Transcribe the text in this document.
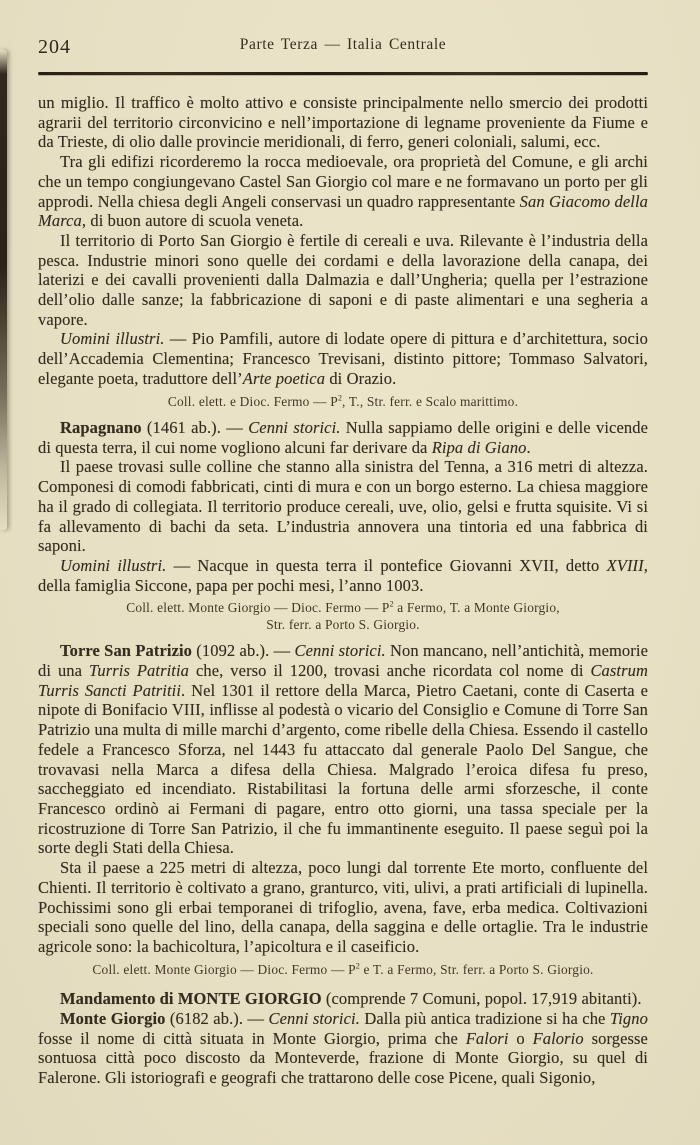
204	Parte Terza — Italia Centrale

un miglio. Il traffico è molto attivo e consiste principalmente nello smercio dei prodotti agrarii del territorio circonvicino e nell’importazione di legname proveniente da Fiume e da Trieste, di olio dalle provincie meridionali, di ferro, generi coloniali, salumi, ecc.

Tra gli edifizi ricorderemo la rocca medioevale, ora proprietà del Comune, e gli archi che un tempo congiungevano Castel San Giorgio col mare e ne formavano un porto per gli approdi. Nella chiesa degli Angeli conservasi un quadro rappresentante San Giacomo della Marca, di buon autore di scuola veneta.

Il territorio di Porto San Giorgio è fertile di cereali e uva. Rilevante è l’industria della pesca. Industrie minori sono quelle dei cordami e della lavorazione della canapa, dei laterizi e dei cavalli provenienti dalla Dalmazia e dall’Ungheria; quella per l’estrazione dell’olio dalle sanze; la fabbricazione di saponi e di paste alimentari e una segheria a vapore.

Uomini illustri. — Pio Pamfili, autore di lodate opere di pittura e d’architettura, socio dell’Accademia Clementina; Francesco Trevisani, distinto pittore; Tommaso Salvatori, elegante poeta, traduttore dell’Arte poetica di Orazio.

Coll. elett. e Dioc. Fermo — $P^2$, T., Str. ferr. e Scalo marittimo.

Rapagnano (1461 ab.). — Cenni storici. Nulla sappiamo delle origini e delle vicende di questa terra, il cui nome vogliono alcuni far derivare da Ripa di Giano.

Il paese trovasi sulle colline che stanno alla sinistra del Tenna, a 316 metri di altezza. Componesi di comodi fabbricati, cinti di mura e con un borgo esterno. La chiesa maggiore ha il grado di collegiata. Il territorio produce cereali, uve, olio, gelsi e frutta squisite. Vi si fa allevamento di bachi da seta. L’industria annovera una tintoria ed una fabbrica di saponi.

Uomini illustri. — Nacque in questa terra il pontefice Giovanni XVII, detto XVIII, della famiglia Siccone, papa per pochi mesi, l’anno 1003.

Coll. elett. Monte Giorgio — Dioc. Fermo — $P^2$ a Fermo, T. a Monte Giorgio,
Str. ferr. a Porto S. Giorgio.

Torre San Patrizio (1092 ab.). — Cenni storici. Non mancano, nell’antichità, memorie di una Turris Patritia che, verso il 1200, trovasi anche ricordata col nome di Castrum Turris Sancti Patritii. Nel 1301 il rettore della Marca, Pietro Caetani, conte di Caserta e nipote di Bonifacio VIII, inflisse al podestà o vicario del Consiglio e Comune di Torre San Patrizio una multa di mille marchi d’argento, come ribelle della Chiesa. Essendo il castello fedele a Francesco Sforza, nel 1443 fu attaccato dal generale Paolo Del Sangue, che trovavasi nella Marca a difesa della Chiesa. Malgrado l’eroica difesa fu preso, saccheggiato ed incendiato. Ristabilitasi la fortuna delle armi sforzesche, il conte Francesco ordinò ai Fermani di pagare, entro otto giorni, una tassa speciale per la ricostruzione di Torre San Patrizio, il che fu immantinente eseguito. Il paese seguì poi la sorte degli Stati della Chiesa.

Sta il paese a 225 metri di altezza, poco lungi dal torrente Ete morto, confluente del Chienti. Il territorio è coltivato a grano, granturco, viti, ulivi, a prati artificiali di lupinella. Pochissimi sono gli erbai temporanei di trifoglio, avena, fave, erba medica. Coltivazioni speciali sono quelle del lino, della canapa, della saggina e delle ortaglie. Tra le industrie agricole sono: la bachicoltura, l’apicoltura e il caseificio.

Coll. elett. Monte Giorgio — Dioc. Fermo — $P^2$ e T. a Fermo, Str. ferr. a Porto S. Giorgio.

Mandamento di MONTE GIORGIO (comprende 7 Comuni, popol. 17,919 abitanti).

Monte Giorgio (6182 ab.). — Cenni storici. Dalla più antica tradizione si ha che Tigno fosse il nome di città situata in Monte Giorgio, prima che Falori o Falorio sorgesse sontuosa città poco discosto da Monteverde, frazione di Monte Giorgio, su quel di Falerone. Gli istoriografi e geografi che trattarono delle cose Picene, quali Sigonio,
